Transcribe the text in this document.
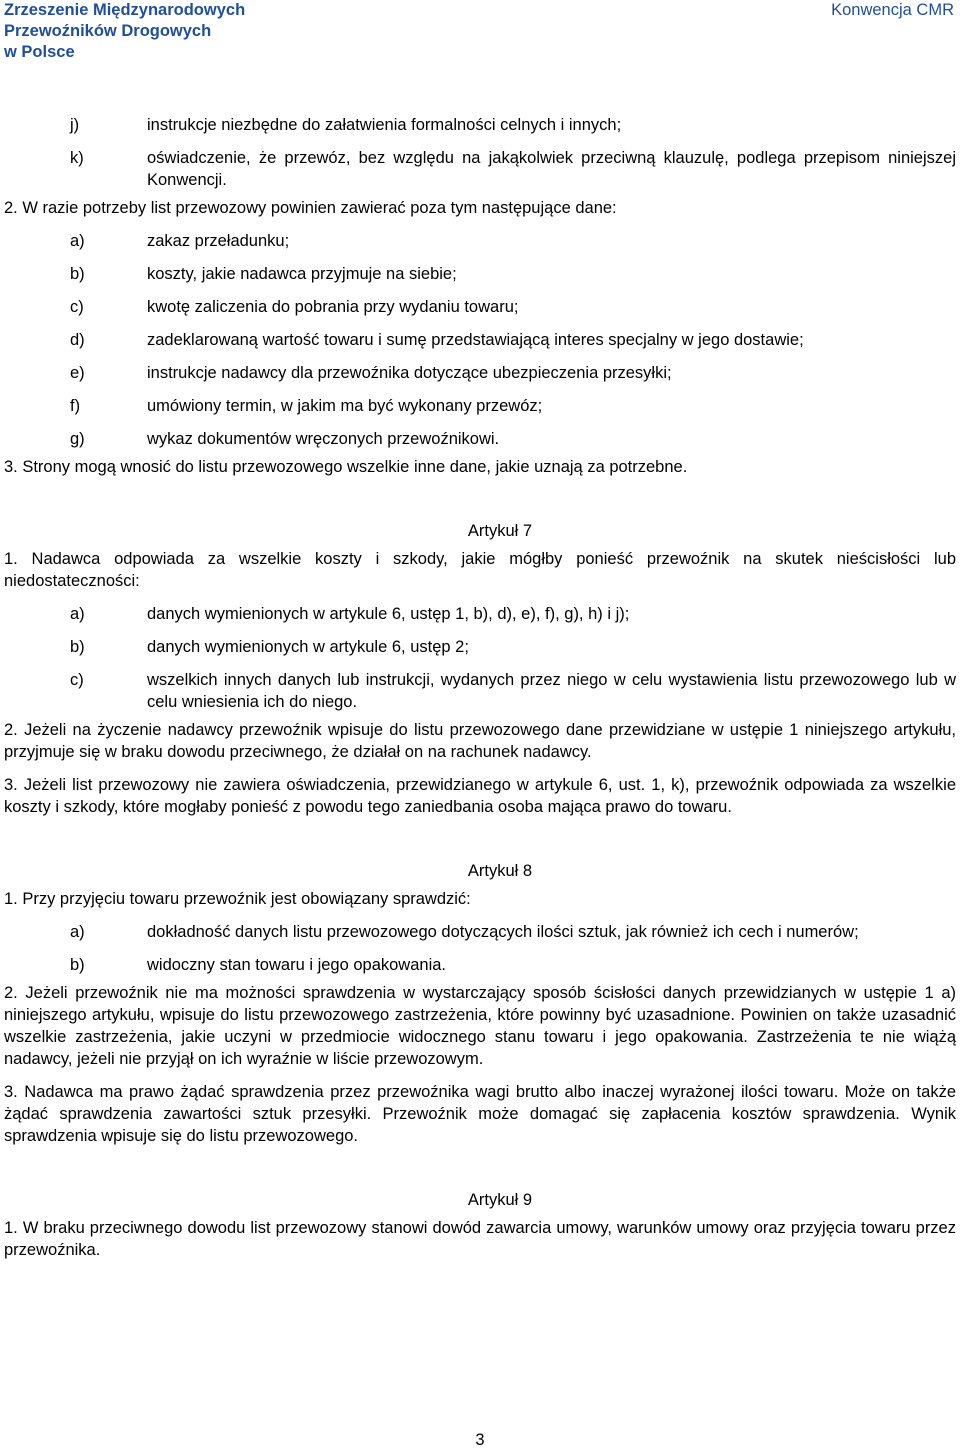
Zrzeszenie Międzynarodowych
Przewoźników Drogowych
w Polsce
Konwencja CMR
j)	instrukcje niezbędne do załatwienia formalności celnych i innych;
k)	oświadczenie, że przewóz, bez względu na jakąkolwiek przeciwną klauzulę, podlega przepisom niniejszej Konwencji.
2. W razie potrzeby list przewozowy powinien zawierać poza tym następujące dane:
a)	zakaz przeładunku;
b)	koszty, jakie nadawca przyjmuje na siebie;
c)	kwotę zaliczenia do pobrania przy wydaniu towaru;
d)	zadeklarowaną wartość towaru i sumę przedstawiającą interes specjalny w jego dostawie;
e)	instrukcje nadawcy dla przewoźnika dotyczące ubezpieczenia przesyłki;
f)	umówiony termin, w jakim ma być wykonany przewóz;
g)	wykaz dokumentów wręczonych przewoźnikowi.
3. Strony mogą wnosić do listu przewozowego wszelkie inne dane, jakie uznają za potrzebne.
Artykuł 7
1. Nadawca odpowiada za wszelkie koszty i szkody, jakie mógłby ponieść przewoźnik na skutek nieścisłości lub niedostateczności:
a)	danych wymienionych w artykule 6, ustęp 1, b), d), e), f), g), h) i j);
b)	danych wymienionych w artykule 6, ustęp 2;
c)	wszelkich innych danych lub instrukcji, wydanych przez niego w celu wystawienia listu przewozowego lub w celu wniesienia ich do niego.
2. Jeżeli na życzenie nadawcy przewoźnik wpisuje do listu przewozowego dane przewidziane w ustępie 1 niniejszego artykułu, przyjmuje się w braku dowodu przeciwnego, że działał on na rachunek nadawcy.
3. Jeżeli list przewozowy nie zawiera oświadczenia, przewidzianego w artykule 6, ust. 1, k), przewoźnik odpowiada za wszelkie koszty i szkody, które mogłaby ponieść z powodu tego zaniedbania osoba mająca prawo do towaru.
Artykuł 8
1. Przy przyjęciu towaru przewoźnik jest obowiązany sprawdzić:
a)	dokładność danych listu przewozowego dotyczących ilości sztuk, jak również ich cech i numerów;
b)	widoczny stan towaru i jego opakowania.
2. Jeżeli przewoźnik nie ma możności sprawdzenia w wystarczający sposób ścisłości danych przewidzianych w ustępie 1 a) niniejszego artykułu, wpisuje do listu przewozowego zastrzeżenia, które powinny być uzasadnione. Powinien on także uzasadnić wszelkie zastrzeżenia, jakie uczyni w przedmiocie widocznego stanu towaru i jego opakowania. Zastrzeżenia te nie wiążą nadawcy, jeżeli nie przyjął on ich wyraźnie w liście przewozowym.
3. Nadawca ma prawo żądać sprawdzenia przez przewoźnika wagi brutto albo inaczej wyrażonej ilości towaru. Może on także żądać sprawdzenia zawartości sztuk przesyłki. Przewoźnik może domagać się zapłacenia kosztów sprawdzenia. Wynik sprawdzenia wpisuje się do listu przewozowego.
Artykuł 9
1. W braku przeciwnego dowodu list przewozowy stanowi dowód zawarcia umowy, warunków umowy oraz przyjęcia towaru przez przewoźnika.
3
